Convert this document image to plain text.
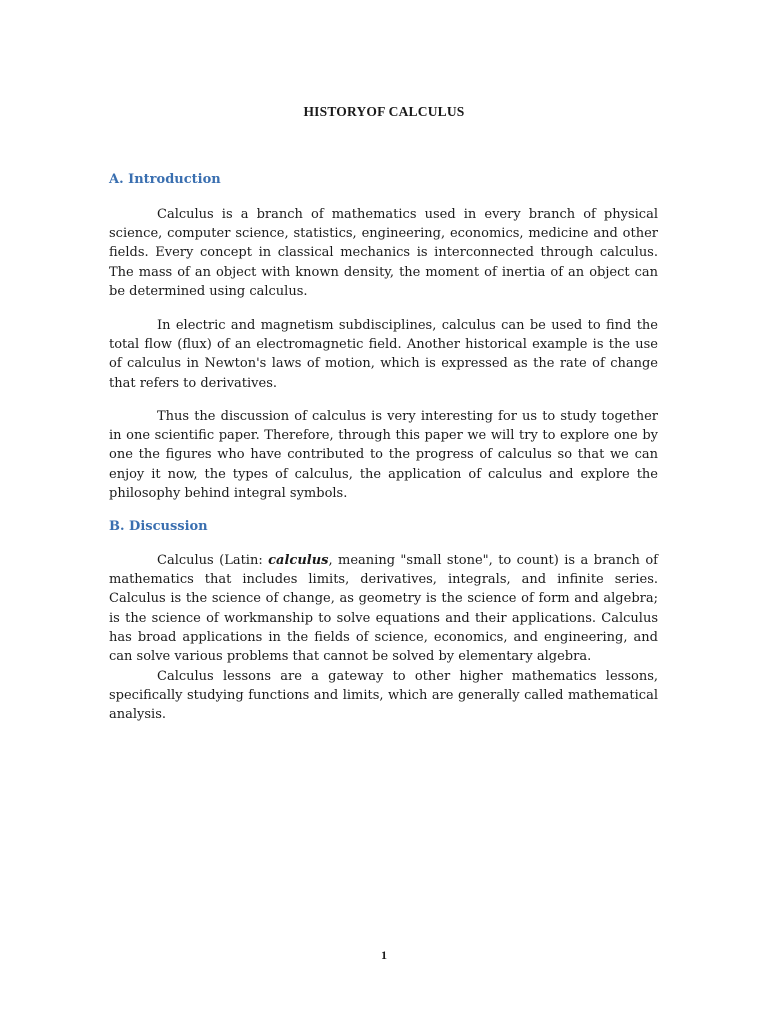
HISTORYOF CALCULUS
A. Introduction

Calculus is a branch of mathematics used in every branch of physical science, computer science, statistics, engineering, economics, medicine and other fields. Every concept in classical mechanics is interconnected through calculus. The mass of an object with known density, the moment of inertia of an object can be determined using calculus.

In electric and magnetism subdisciplines, calculus can be used to find the total flow (flux) of an electromagnetic field. Another historical example is the use of calculus in Newton's laws of motion, which is expressed as the rate of change that refers to derivatives.

Thus the discussion of calculus is very interesting for us to study together in one scientific paper. Therefore, through this paper we will try to explore one by one the figures who have contributed to the progress of calculus so that we can enjoy it now, the types of calculus, the application of calculus and explore the philosophy behind integral symbols.

B. Discussion

Calculus (Latin: calculus, meaning "small stone", to count) is a branch of mathematics that includes limits, derivatives, integrals, and infinite series. Calculus is the science of change, as geometry is the science of form and algebra; is the science of workmanship to solve equations and their applications. Calculus has broad applications in the fields of science, economics, and engineering, and can solve various problems that cannot be solved by elementary algebra.

Calculus lessons are a gateway to other higher mathematics lessons, specifically studying functions and limits, which are generally called mathematical analysis.

1
